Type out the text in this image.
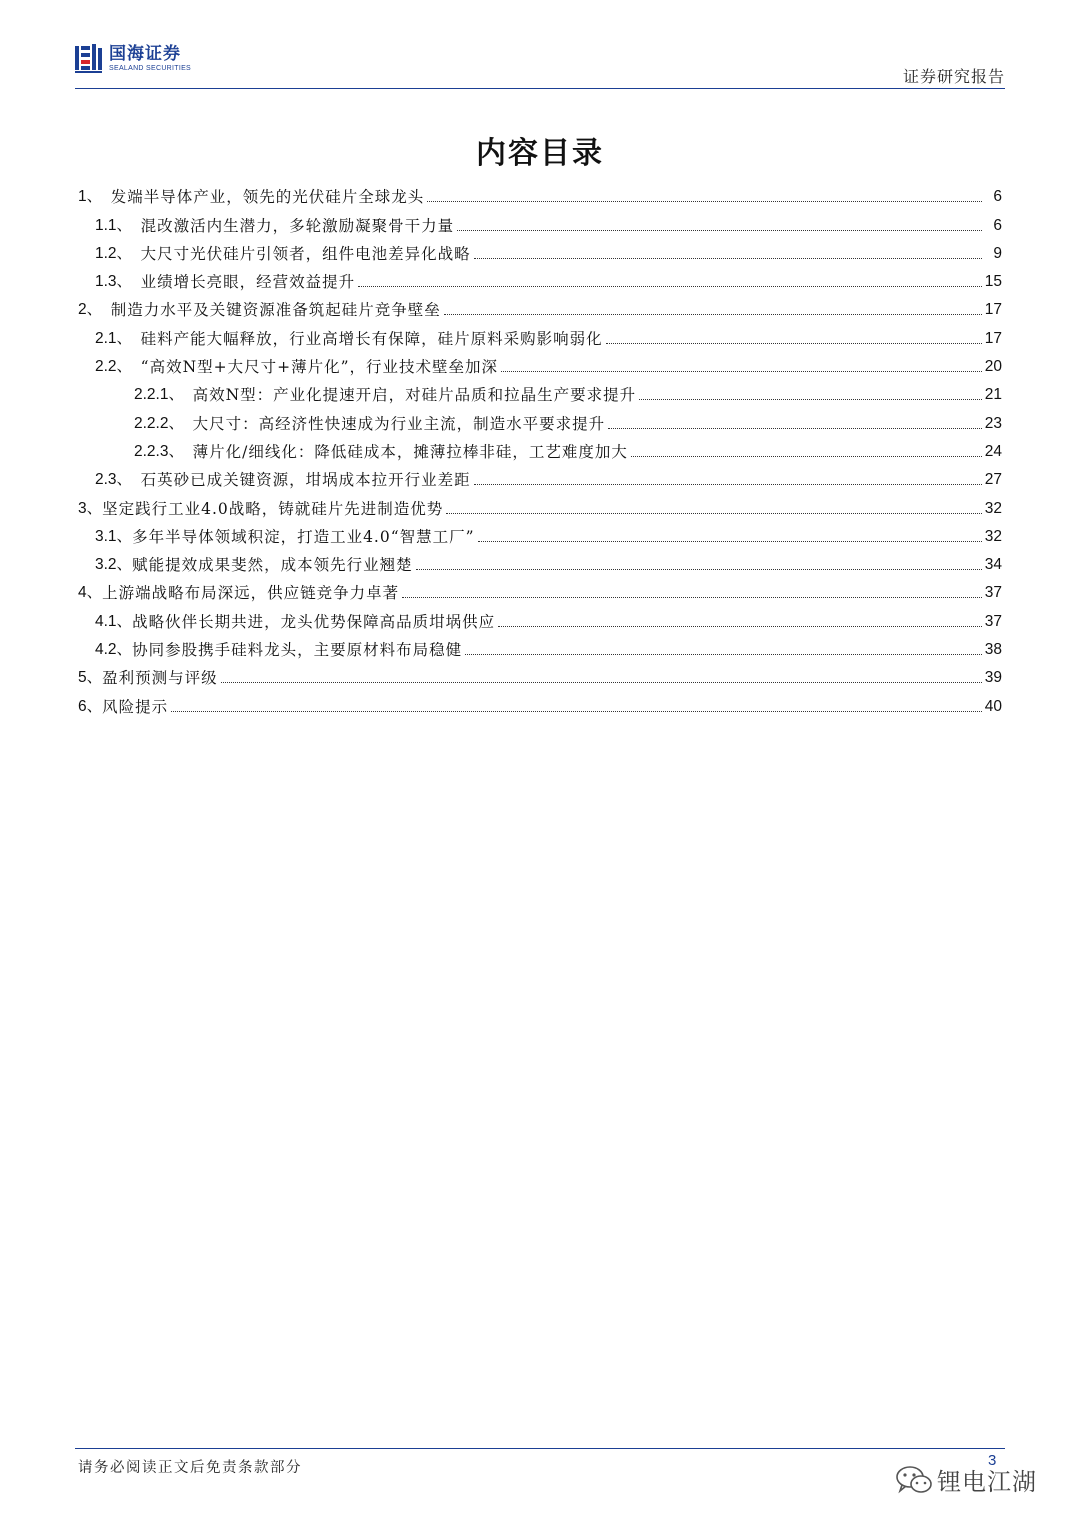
国海证券
SEALAND SECURITIES	证券研究报告
内容目录
1、 发端半导体产业，领先的光伏硅片全球龙头	6
1.1、 混改激活内生潜力，多轮激励凝聚骨干力量	6
1.2、 大尺寸光伏硅片引领者，组件电池差异化战略	9
1.3、 业绩增长亮眼，经营效益提升	15
2、 制造力水平及关键资源准备筑起硅片竞争壁垒	17
2.1、 硅料产能大幅释放，行业高增长有保障，硅片原料采购影响弱化	17
2.2、 “高效N型+大尺寸+薄片化”，行业技术壁垒加深	20
2.2.1、 高效N型：产业化提速开启，对硅片品质和拉晶生产要求提升	21
2.2.2、 大尺寸：高经济性快速成为行业主流，制造水平要求提升	23
2.2.3、 薄片化/细线化：降低硅成本，摊薄拉棒非硅，工艺难度加大	24
2.3、 石英砂已成关键资源，坩埚成本拉开行业差距	27
3、 坚定践行工业4.0战略，铸就硅片先进制造优势	32
3.1、 多年半导体领域积淀，打造工业4.0“智慧工厂”	32
3.2、 赋能提效成果斐然，成本领先行业翘楚	34
4、 上游端战略布局深远，供应链竞争力卓著	37
4.1、 战略伙伴长期共进，龙头优势保障高品质坩埚供应	37
4.2、 协同参股携手硅料龙头，主要原材料布局稳健	38
5、 盈利预测与评级	39
6、 风险提示	40
请务必阅读正文后免责条款部分	3
锂电江湖
